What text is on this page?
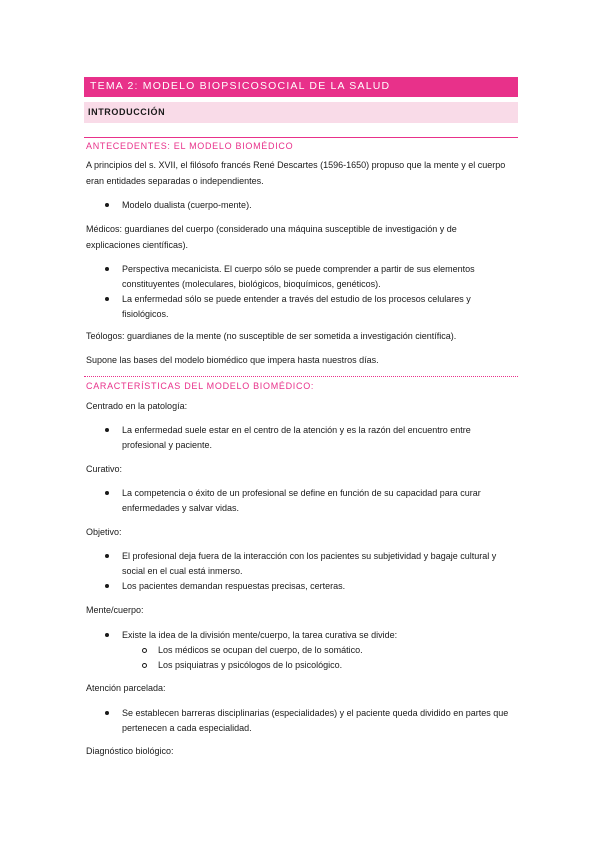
TEMA 2: MODELO BIOPSICOSOCIAL DE LA SALUD
INTRODUCCIÓN
ANTECEDENTES: EL MODELO BIOMÉDICO
A principios del s. XVII, el filósofo francés René Descartes (1596-1650) propuso que la mente y el cuerpo
eran entidades separadas o independientes.
Modelo dualista (cuerpo-mente).
Médicos: guardianes del cuerpo (considerado una máquina susceptible de investigación y de
explicaciones científicas).
Perspectiva mecanicista. El cuerpo sólo se puede comprender a partir de sus elementos
constituyentes (moleculares, biológicos, bioquímicos, genéticos).
La enfermedad sólo se puede entender a través del estudio de los procesos celulares y
fisiológicos.
Teólogos: guardianes de la mente (no susceptible de ser sometida a investigación científica).
Supone las bases del modelo biomédico que impera hasta nuestros días.
CARACTERÍSTICAS DEL MODELO BIOMÉDICO:
Centrado en la patología:
La enfermedad suele estar en el centro de la atención y es la razón del encuentro entre
profesional y paciente.
Curativo:
La competencia o éxito de un profesional se define en función de su capacidad para curar
enfermedades y salvar vidas.
Objetivo:
El profesional deja fuera de la interacción con los pacientes su subjetividad y bagaje cultural y
social en el cual está inmerso.
Los pacientes demandan respuestas precisas, certeras.
Mente/cuerpo:
Existe la idea de la división mente/cuerpo, la tarea curativa se divide:
Los médicos se ocupan del cuerpo, de lo somático.
Los psiquiatras y psicólogos de lo psicológico.
Atención parcelada:
Se establecen barreras disciplinarias (especialidades) y el paciente queda dividido en partes que
pertenecen a cada especialidad.
Diagnóstico biológico:
